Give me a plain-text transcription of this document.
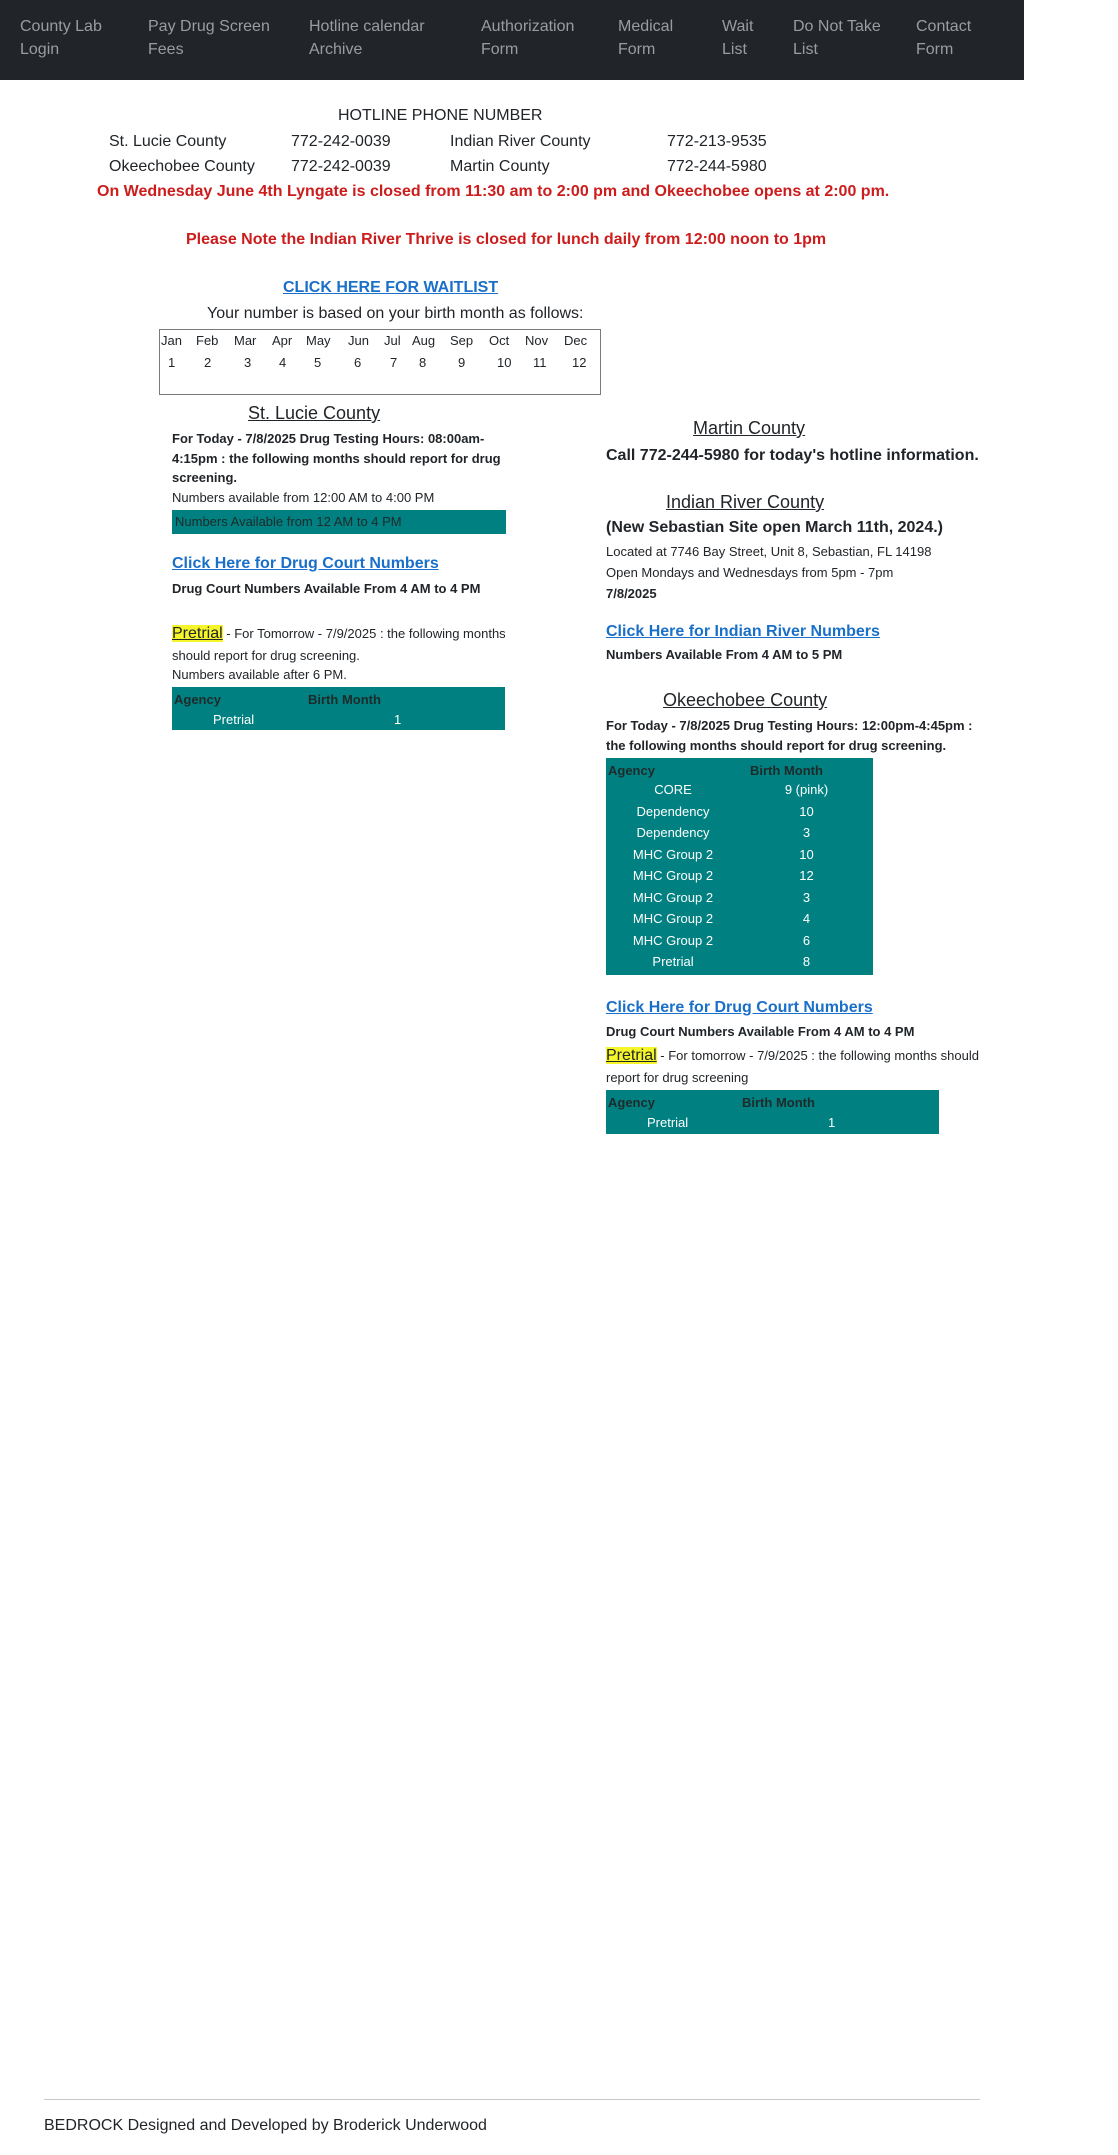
County Lab
Login
Pay Drug Screen
Fees
Hotline calendar
Archive
Authorization
Form
Medical
Form
Wait
List
Do Not Take
List
Contact
Form
HOTLINE PHONE NUMBER
St. Lucie County	772-242-0039	Indian River County	772-213-9535
Okeechobee County 772-242-0039	Martin County	772-244-5980
On Wednesday June 4th Lyngate is closed from 11:30 am to 2:00 pm and Okeechobee opens at 2:00 pm.
Please Note the Indian River Thrive is closed for lunch daily from 12:00 noon to 1pm
CLICK HERE FOR WAITLIST
Your number is based on your birth month as follows:
Jan Feb Mar Apr May Jun Jul Aug Sep Oct Nov Dec
1 2	3 4 5	6 7 8 9 10 11 12
St. Lucie County
For Today - 7/8/2025 Drug Testing Hours: 08:00am-
4:15pm : the following months should report for drug
screening.
Numbers available from 12:00 AM to 4:00 PM
Numbers Available from 12 AM to 4 PM
Click Here for Drug Court Numbers
Drug Court Numbers Available From 4 AM to 4 PM
Pretrial - For Tomorrow - 7/9/2025 : the following months
should report for drug screening.
Numbers available after 6 PM.
Agency	Birth Month
Pretrial	1
Martin County
Call 772-244-5980 for today's hotline information.
Indian River County
(New Sebastian Site open March 11th, 2024.)
Located at 7746 Bay Street, Unit 8, Sebastian, FL 14198
Open Mondays and Wednesdays from 5pm - 7pm
7/8/2025
Click Here for Indian River Numbers
Numbers Available From 4 AM to 5 PM
Okeechobee County
For Today - 7/8/2025 Drug Testing Hours: 12:00pm-4:45pm :
the following months should report for drug screening.
Agency	Birth Month
CORE	9 (pink)
Dependency	10
Dependency	3
MHC Group 2	10
MHC Group 2	12
MHC Group 2	3
MHC Group 2	4
MHC Group 2	6
Pretrial	8
Click Here for Drug Court Numbers
Drug Court Numbers Available From 4 AM to 4 PM
Pretrial - For tomorrow - 7/9/2025 : the following months should
report for drug screening
Agency	Birth Month
Pretrial	1
BEDROCK Designed and Developed by Broderick Underwood
